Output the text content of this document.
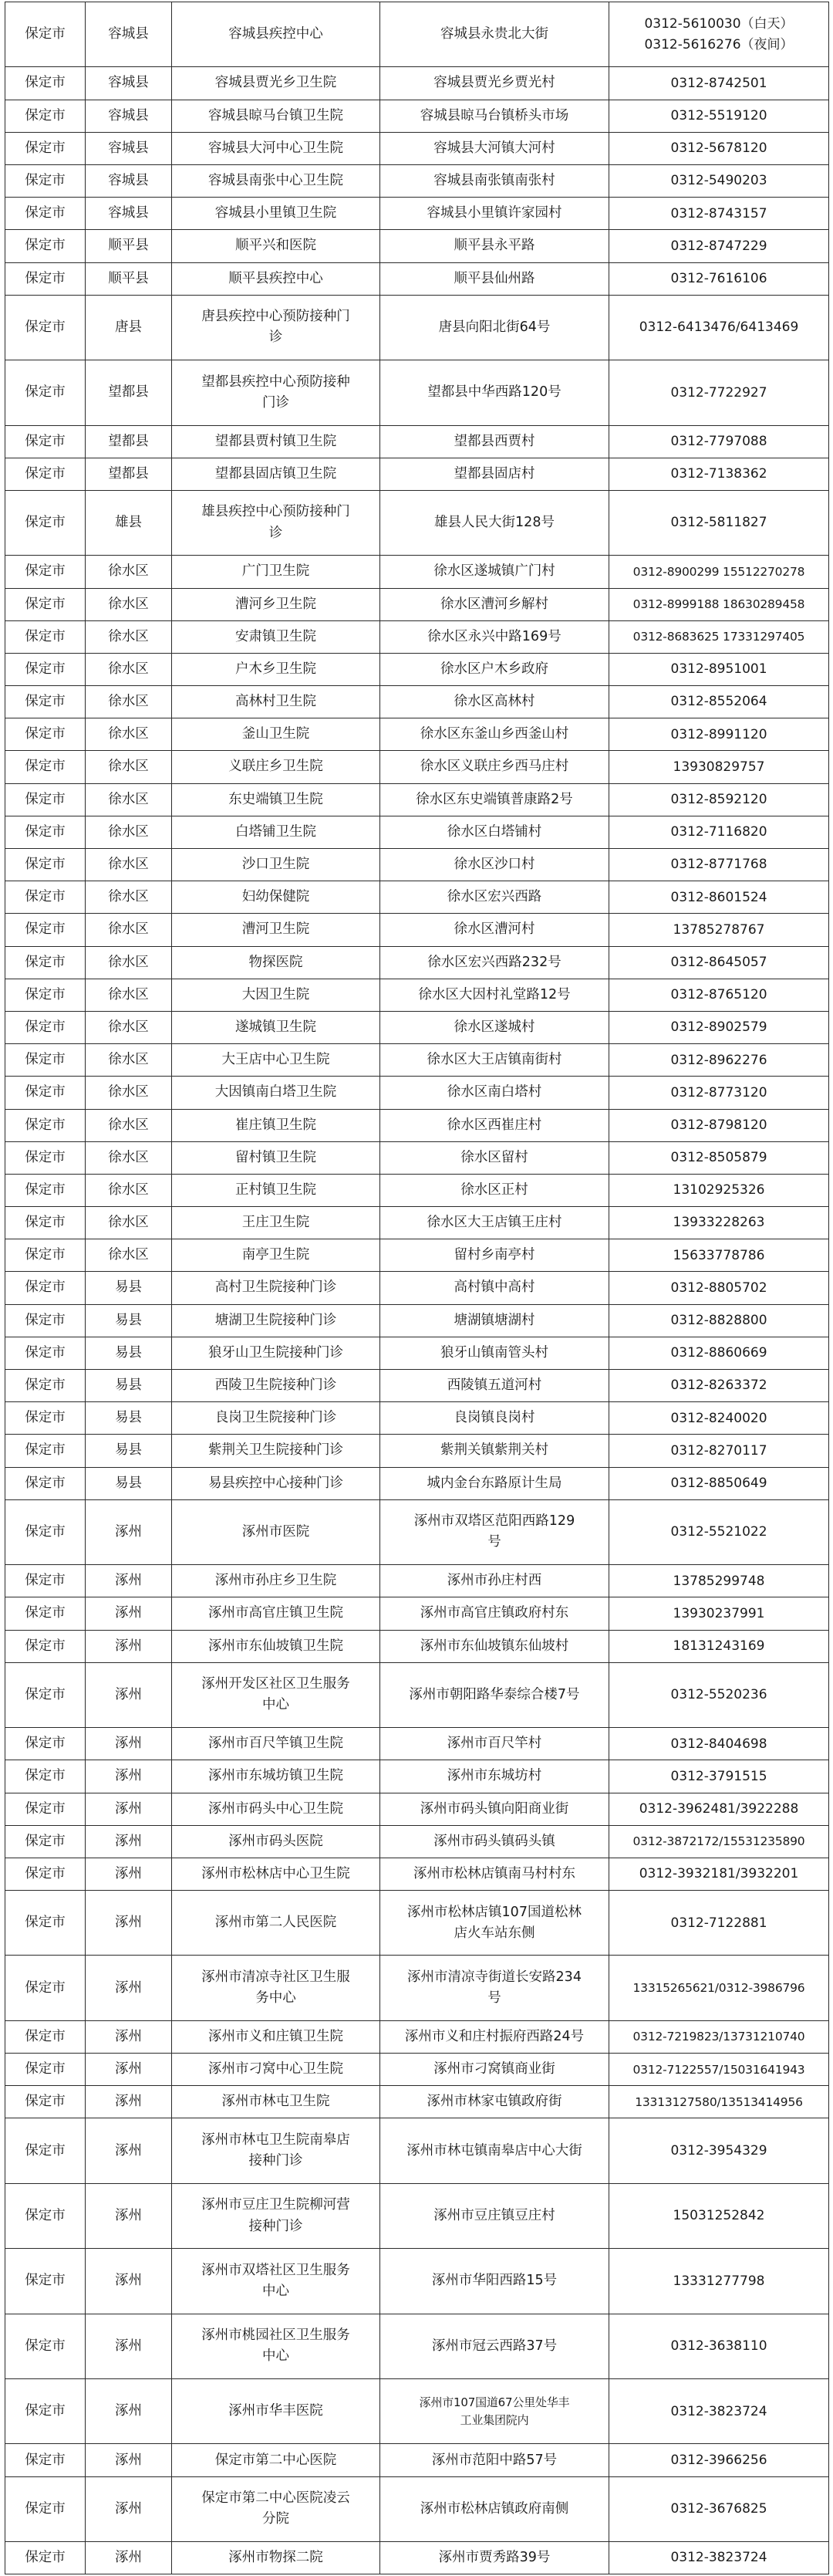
保定市	容城县	容城县疾控中心	容城县永贵北大街	0312-5610030（白天）
0312-5616276（夜间）
保定市	容城县	容城县贾光乡卫生院	容城县贾光乡贾光村	0312-8742501
保定市	容城县	容城县晾马台镇卫生院	容城县晾马台镇桥头市场	0312-5519120
保定市	容城县	容城县大河中心卫生院	容城县大河镇大河村	0312-5678120
保定市	容城县	容城县南张中心卫生院	容城县南张镇南张村	0312-5490203
保定市	容城县	容城县小里镇卫生院	容城县小里镇许家园村	0312-8743157
保定市	顺平县	顺平兴和医院	顺平县永平路	0312-8747229
保定市	顺平县	顺平县疾控中心	顺平县仙州路	0312-7616106
保定市	唐县	唐县疾控中心预防接种门
诊	唐县向阳北街64号	0312-6413476/6413469
保定市	望都县	望都县疾控中心预防接种
门诊	望都县中华西路120号	0312-7722927
保定市	望都县	望都县贾村镇卫生院	望都县西贾村	0312-7797088
保定市	望都县	望都县固店镇卫生院	望都县固店村	0312-7138362
保定市	雄县	雄县疾控中心预防接种门
诊	雄县人民大街128号	0312-5811827
保定市	徐水区	广门卫生院	徐水区遂城镇广门村	0312-8900299 15512270278
保定市	徐水区	漕河乡卫生院	徐水区漕河乡解村	0312-8999188 18630289458
保定市	徐水区	安肃镇卫生院	徐水区永兴中路169号	0312-8683625 17331297405
保定市	徐水区	户木乡卫生院	徐水区户木乡政府	0312-8951001
保定市	徐水区	高林村卫生院	徐水区高林村	0312-8552064
保定市	徐水区	釜山卫生院	徐水区东釜山乡西釜山村	0312-8991120
保定市	徐水区	义联庄乡卫生院	徐水区义联庄乡西马庄村	13930829757
保定市	徐水区	东史端镇卫生院	徐水区东史端镇普康路2号	0312-8592120
保定市	徐水区	白塔铺卫生院	徐水区白塔铺村	0312-7116820
保定市	徐水区	沙口卫生院	徐水区沙口村	0312-8771768
保定市	徐水区	妇幼保健院	徐水区宏兴西路	0312-8601524
保定市	徐水区	漕河卫生院	徐水区漕河村	13785278767
保定市	徐水区	物探医院	徐水区宏兴西路232号	0312-8645057
保定市	徐水区	大因卫生院	徐水区大因村礼堂路12号	0312-8765120
保定市	徐水区	遂城镇卫生院	徐水区遂城村	0312-8902579
保定市	徐水区	大王店中心卫生院	徐水区大王店镇南街村	0312-8962276
保定市	徐水区	大因镇南白塔卫生院	徐水区南白塔村	0312-8773120
保定市	徐水区	崔庄镇卫生院	徐水区西崔庄村	0312-8798120
保定市	徐水区	留村镇卫生院	徐水区留村	0312-8505879
保定市	徐水区	正村镇卫生院	徐水区正村	13102925326
保定市	徐水区	王庄卫生院	徐水区大王店镇王庄村	13933228263
保定市	徐水区	南亭卫生院	留村乡南亭村	15633778786
保定市	易县	高村卫生院接种门诊	高村镇中高村	0312-8805702
保定市	易县	塘湖卫生院接种门诊	塘湖镇塘湖村	0312-8828800
保定市	易县	狼牙山卫生院接种门诊	狼牙山镇南管头村	0312-8860669
保定市	易县	西陵卫生院接种门诊	西陵镇五道河村	0312-8263372
保定市	易县	良岗卫生院接种门诊	良岗镇良岗村	0312-8240020
保定市	易县	紫荆关卫生院接种门诊	紫荆关镇紫荆关村	0312-8270117
保定市	易县	易县疾控中心接种门诊	城内金台东路原计生局	0312-8850649
保定市	涿州	涿州市医院	涿州市双塔区范阳西路129
号	0312-5521022
保定市	涿州	涿州市孙庄乡卫生院	涿州市孙庄村西	13785299748
保定市	涿州	涿州市高官庄镇卫生院	涿州市高官庄镇政府村东	13930237991
保定市	涿州	涿州市东仙坡镇卫生院	涿州市东仙坡镇东仙坡村	18131243169
保定市	涿州	涿州开发区社区卫生服务
中心	涿州市朝阳路华泰综合楼7号	0312-5520236
保定市	涿州	涿州市百尺竿镇卫生院	涿州市百尺竿村	0312-8404698
保定市	涿州	涿州市东城坊镇卫生院	涿州市东城坊村	0312-3791515
保定市	涿州	涿州市码头中心卫生院	涿州市码头镇向阳商业街	0312-3962481/3922288
保定市	涿州	涿州市码头医院	涿州市码头镇码头镇	0312-3872172/15531235890
保定市	涿州	涿州市松林店中心卫生院	涿州市松林店镇南马村村东	0312-3932181/3932201
保定市	涿州	涿州市第二人民医院	涿州市松林店镇107国道松林
店火车站东侧	0312-7122881
保定市	涿州	涿州市清凉寺社区卫生服
务中心	涿州市清凉寺街道长安路234
号	13315265621/0312-3986796
保定市	涿州	涿州市义和庄镇卫生院	涿州市义和庄村振府西路24号	0312-7219823/13731210740
保定市	涿州	涿州市刁窝中心卫生院	涿州市刁窝镇商业街	0312-7122557/15031641943
保定市	涿州	涿州市林屯卫生院	涿州市林家屯镇政府街	13313127580/13513414956
保定市	涿州	涿州市林屯卫生院南皋店
接种门诊	涿州市林屯镇南皋店中心大街	0312-3954329
保定市	涿州	涿州市豆庄卫生院柳河营
接种门诊	涿州市豆庄镇豆庄村	15031252842
保定市	涿州	涿州市双塔社区卫生服务
中心	涿州市华阳西路15号	13331277798
保定市	涿州	涿州市桃园社区卫生服务
中心	涿州市冠云西路37号	0312-3638110
保定市	涿州	涿州市华丰医院	涿州市107国道67公里处华丰
工业集团院内	0312-3823724
保定市	涿州	保定市第二中心医院	涿州市范阳中路57号	0312-3966256
保定市	涿州	保定市第二中心医院凌云
分院	涿州市松林店镇政府南侧	0312-3676825
保定市	涿州	涿州市物探二院	涿州市贾秀路39号	0312-3823724
